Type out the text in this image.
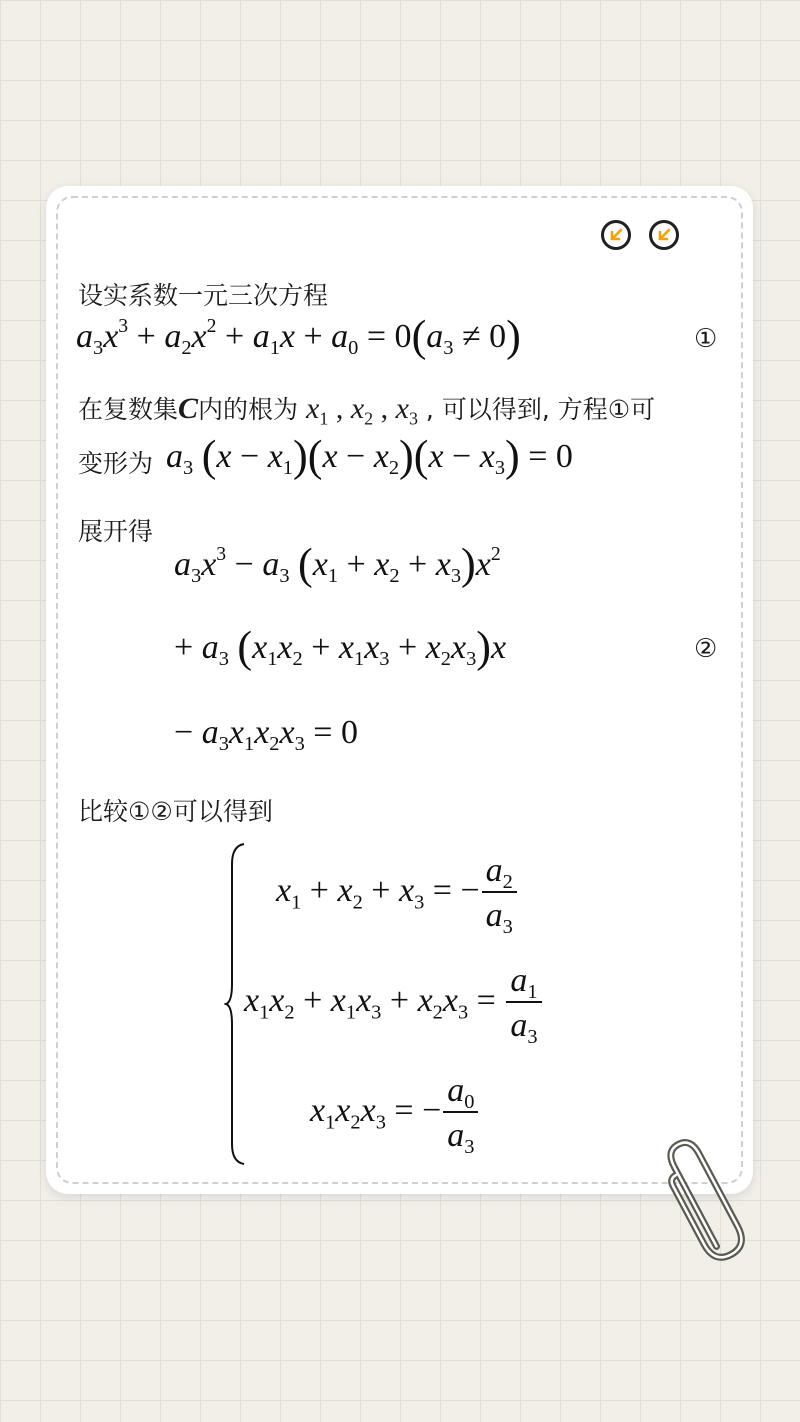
设实系数一元三次方程
$a_3x^3 + a_2x^2 + a_1x + a_0 = 0(a_3 \ne 0)$	①
在复数集C内的根为 $x_1$ , $x_2$ , $x_3$ , 可以得到, 方程①可
变形为 $a_3$ $(x - x_1)(x - x_2)(x - x_3) = 0$
展开得
$a_3x^3 - a_3$ $(x_1 + x_2 + x_3)x^2$
+ $a_3$ $(x_1x_2 + x_1x_3 + x_2x_3)x$	②
− $a_3x_1x_2x_3 = 0$
比较①②可以得到
$x_1 + x_2 + x_3$ = − $\frac{a_2}{a_3}$
$x_1x_2 + x_1x_3 + x_2x_3 = \frac{a_1}{a_3}$
$x_1x_2x_3$ = − $\frac{a_0}{a_3}$
